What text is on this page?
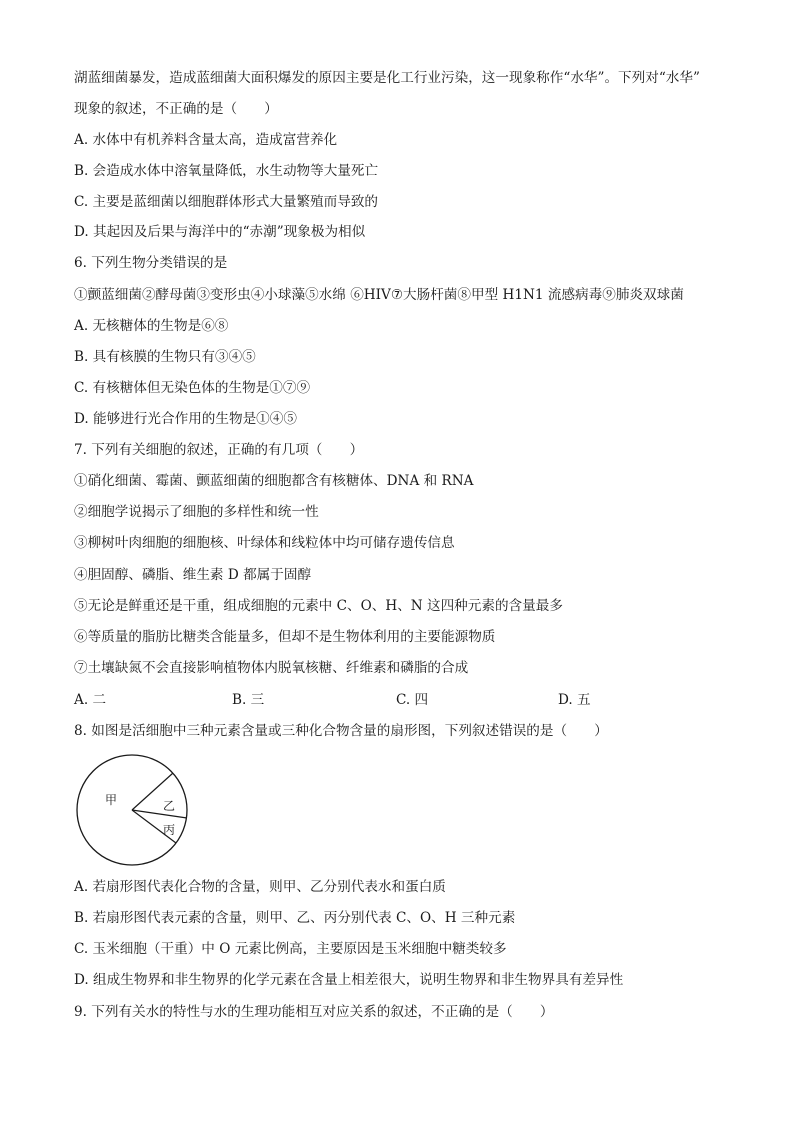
湖蓝细菌暴发，造成蓝细菌大面积爆发的原因主要是化工行业污染，这一现象称作“水华”。下列对“水华”
现象的叙述，不正确的是（　　）
A. 水体中有机养料含量太高，造成富营养化
B. 会造成水体中溶氧量降低，水生动物等大量死亡
C. 主要是蓝细菌以细胞群体形式大量繁殖而导致的
D. 其起因及后果与海洋中的“赤潮”现象极为相似
6. 下列生物分类错误的是
①颤蓝细菌②酵母菌③变形虫④小球藻⑤水绵 ⑥HIV⑦大肠杆菌⑧甲型 H1N1 流感病毒⑨肺炎双球菌
A. 无核糖体的生物是⑥⑧
B. 具有核膜的生物只有③④⑤
C. 有核糖体但无染色体的生物是①⑦⑨
D. 能够进行光合作用的生物是①④⑤
7. 下列有关细胞的叙述，正确的有几项（　　）
①硝化细菌、霉菌、颤蓝细菌的细胞都含有核糖体、DNA 和 RNA
②细胞学说揭示了细胞的多样性和统一性
③柳树叶肉细胞的细胞核、叶绿体和线粒体中均可储存遗传信息
④胆固醇、磷脂、维生素 D 都属于固醇
⑤无论是鲜重还是干重，组成细胞的元素中 C、O、H、N 这四种元素的含量最多
⑥等质量的脂肪比糖类含能量多，但却不是生物体利用的主要能源物质
⑦土壤缺氮不会直接影响植物体内脱氧核糖、纤维素和磷脂的合成
A. 二	B. 三	C. 四	D. 五
8. 如图是活细胞中三种元素含量或三种化合物含量的扇形图，下列叙述错误的是（　　）
甲	乙
丙
A. 若扇形图代表化合物的含量，则甲、乙分别代表水和蛋白质
B. 若扇形图代表元素的含量，则甲、乙、丙分别代表 C、O、H 三种元素
C. 玉米细胞（干重）中 O 元素比例高，主要原因是玉米细胞中糖类较多
D. 组成生物界和非生物界的化学元素在含量上相差很大，说明生物界和非生物界具有差异性
9. 下列有关水的特性与水的生理功能相互对应关系的叙述，不正确的是（　　）
